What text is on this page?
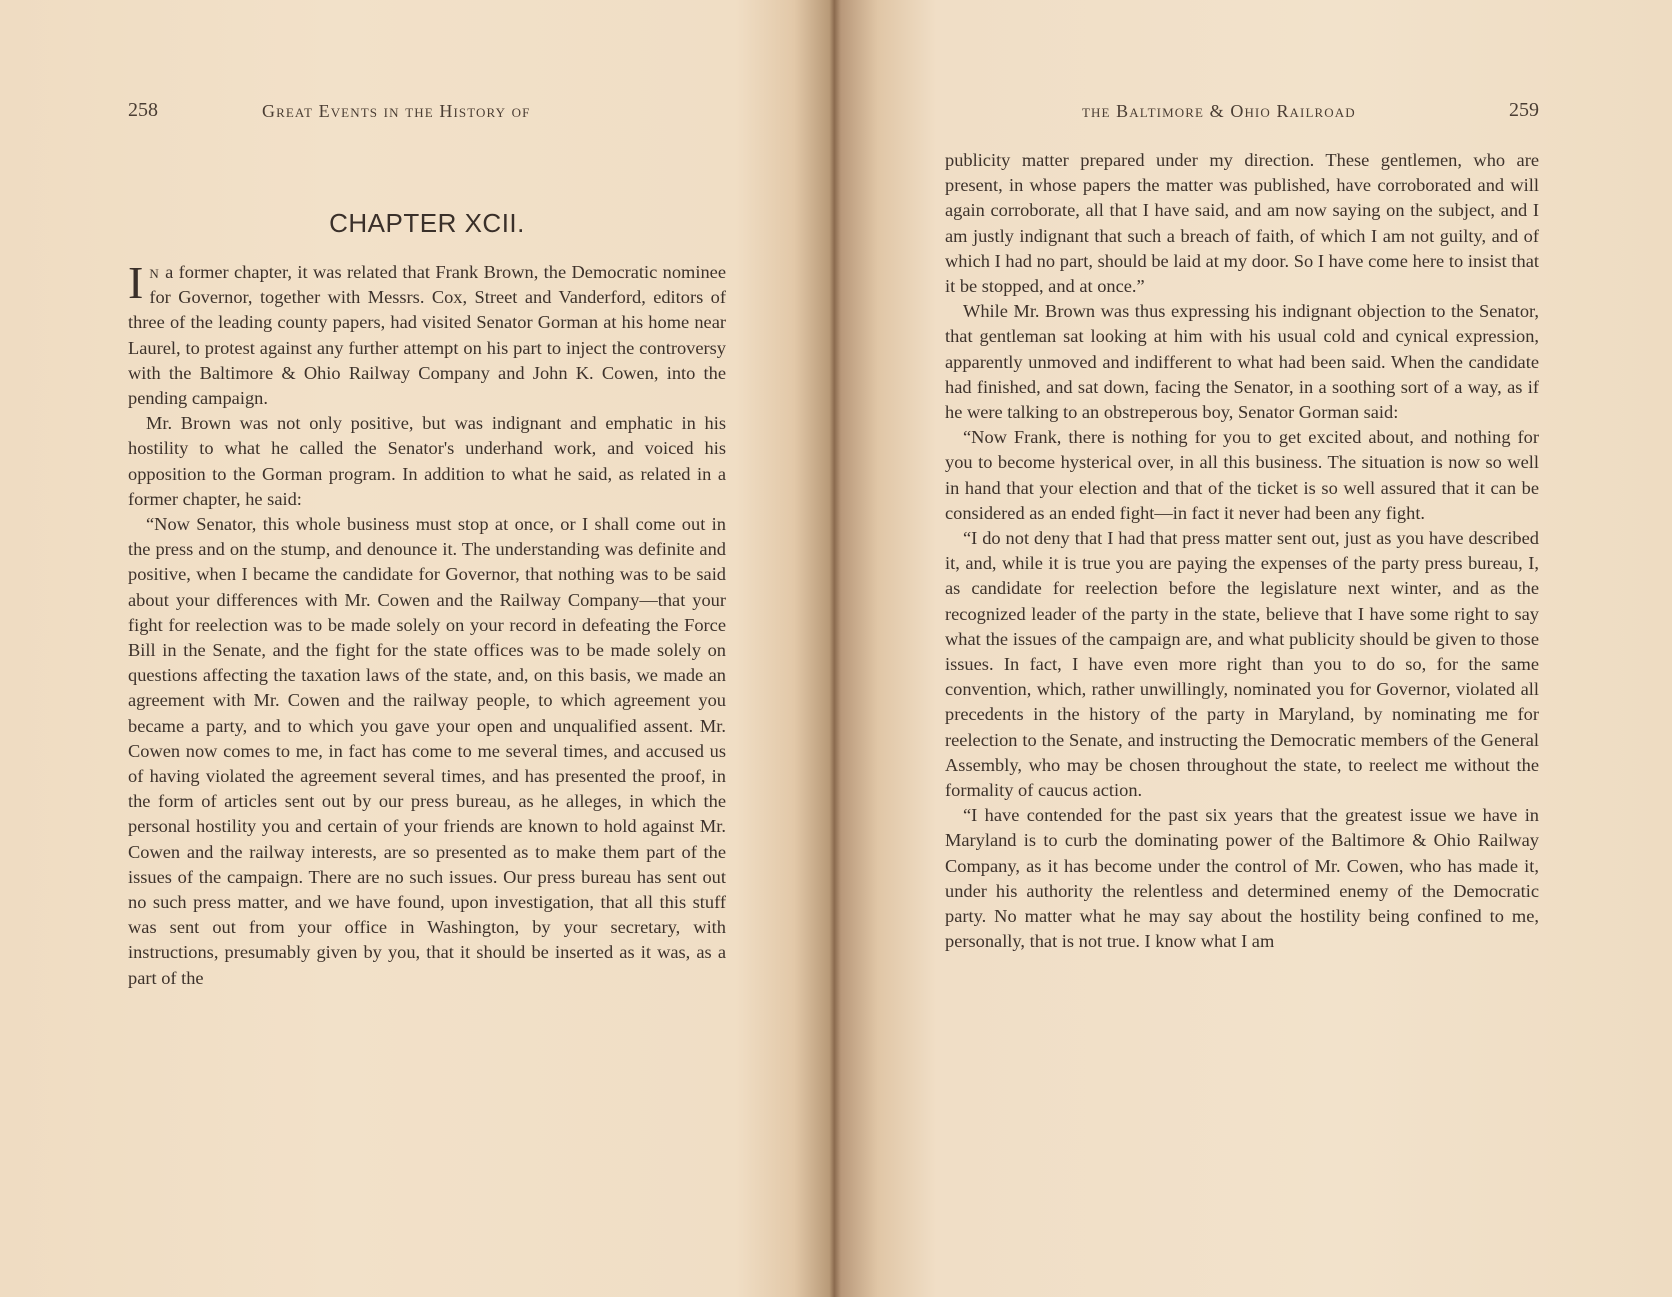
258	Great Events in the History of
CHAPTER XCII.

In a former chapter, it was related that Frank Brown, the Democratic nominee for Governor, together with Messrs. Cox, Street and Vanderford, editors of three of the leading county papers, had visited Senator Gorman at his home near Laurel, to protest against any further attempt on his part to inject the controversy with the Baltimore & Ohio Railway Company and John K. Cowen, into the pending campaign.

Mr. Brown was not only positive, but was indignant and emphatic in his hostility to what he called the Senator's underhand work, and voiced his opposition to the Gorman program. In addition to what he said, as related in a former chapter, he said:

“Now Senator, this whole business must stop at once, or I shall come out in the press and on the stump, and denounce it. The understanding was definite and positive, when I became the candidate for Governor, that nothing was to be said about your differences with Mr. Cowen and the Railway Company—that your fight for reelection was to be made solely on your record in defeating the Force Bill in the Senate, and the fight for the state offices was to be made solely on questions affecting the taxation laws of the state, and, on this basis, we made an agreement with Mr. Cowen and the railway people, to which agreement you became a party, and to which you gave your open and unqualified assent. Mr. Cowen now comes to me, in fact has come to me several times, and accused us of having violated the agreement several times, and has presented the proof, in the form of articles sent out by our press bureau, as he alleges, in which the personal hostility you and certain of your friends are known to hold against Mr. Cowen and the railway interests, are so presented as to make them part of the issues of the campaign. There are no such issues. Our press bureau has sent out no such press matter, and we have found, upon investigation, that all this stuff was sent out from your office in Washington, by your secretary, with instructions, presumably given by you, that it should be inserted as it was, as a part of the

the Baltimore & Ohio Railroad	259

publicity matter prepared under my direction. These gentlemen, who are present, in whose papers the matter was published, have corroborated and will again corroborate, all that I have said, and am now saying on the subject, and I am justly indignant that such a breach of faith, of which I am not guilty, and of which I had no part, should be laid at my door. So I have come here to insist that it be stopped, and at once.”

While Mr. Brown was thus expressing his indignant objection to the Senator, that gentleman sat looking at him with his usual cold and cynical expression, apparently unmoved and indifferent to what had been said. When the candidate had finished, and sat down, facing the Senator, in a soothing sort of a way, as if he were talking to an obstreperous boy, Senator Gorman said:

“Now Frank, there is nothing for you to get excited about, and nothing for you to become hysterical over, in all this business. The situation is now so well in hand that your election and that of the ticket is so well assured that it can be considered as an ended fight—in fact it never had been any fight.

“I do not deny that I had that press matter sent out, just as you have described it, and, while it is true you are paying the expenses of the party press bureau, I, as candidate for reelection before the legislature next winter, and as the recognized leader of the party in the state, believe that I have some right to say what the issues of the campaign are, and what publicity should be given to those issues. In fact, I have even more right than you to do so, for the same convention, which, rather unwillingly, nominated you for Governor, violated all precedents in the history of the party in Maryland, by nominating me for reelection to the Senate, and instructing the Democratic members of the General Assembly, who may be chosen throughout the state, to reelect me without the formality of caucus action.

“I have contended for the past six years that the greatest issue we have in Maryland is to curb the dominating power of the Baltimore & Ohio Railway Company, as it has become under the control of Mr. Cowen, who has made it, under his authority the relentless and determined enemy of the Democratic party. No matter what he may say about the hostility being confined to me, personally, that is not true. I know what I am
